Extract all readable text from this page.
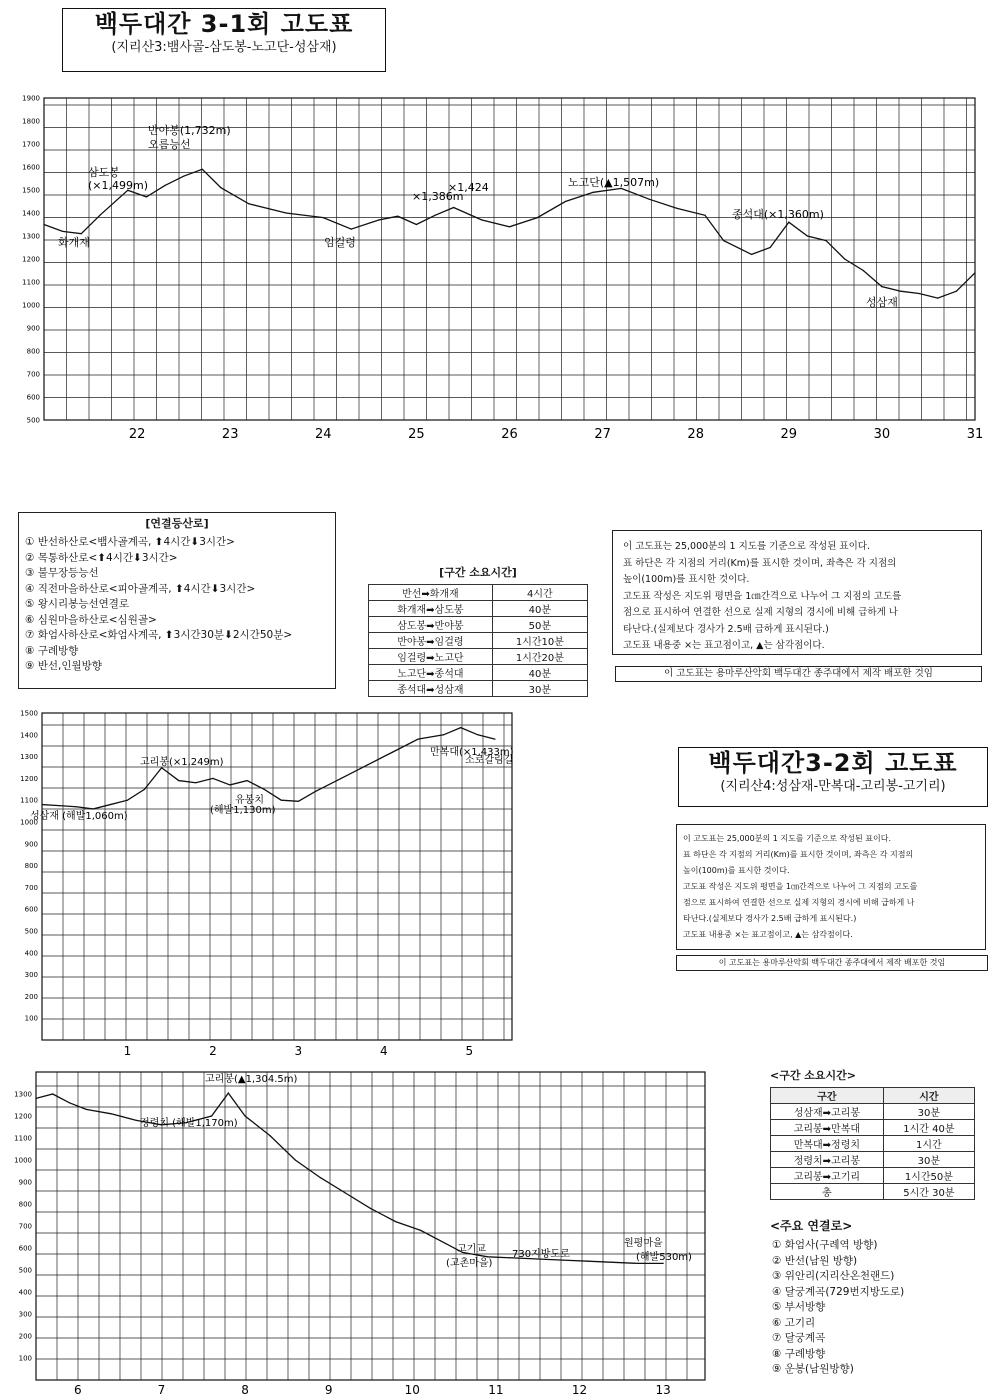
백두대간 3-1회 고도표
(지리산3:뱀사골-삼도봉-노고단-성삼재)
1900
1800
1700
1600
1500
1400
1300
1200
1100
1000
900
800
700
600
500
22	23	24	25	26	27	28	29	30	31
반야봉(1,732m)
오름능선
삼도봉
(×1,499m)
화개재	임걸령
×1,386m
×1,424	노고단(▲1,507m)
종석대(×1,360m)
성삼재
[연결등산로]
① 반선하산로<뱀사골계곡, ⬆4시간⬇3시간>
② 목통하산로<⬆4시간⬇3시간>
③ 불무장등능선
④ 직전마을하산로<피아골계곡, ⬆4시간⬇3시간>
⑤ 왕시리봉능선연결로
⑥ 심원마을하산로<심원골>
⑦ 화엄사하산로<화엄사계곡, ⬆3시간30분⬇2시간50분>
⑧ 구례방향
⑨ 반선,인월방향
[구간 소요시간]
반선➡화개재	4시간
화개재➡삼도봉	40분
삼도봉➡반야봉	50분
반야봉➡임걸령	1시간10분
임걸령➡노고단	1시간20분
노고단➡종석대	40분
종석대➡성삼재	30분

이 고도표는 25,000분의 1 지도를 기준으로 작성된 표이다.

표 하단은 각 지점의 거리(Km)를 표시한 것이며, 좌측은 각 지점의

높이(100m)를 표시한 것이다.

고도표 작성은 지도위 평면을 1㎝간격으로 나누어 그 지점의 고도를

점으로 표시하여 연결한 선으로 실제 지형의 경시에 비해 급하게 나

타난다.(실제보다 경사가 2.5배 급하게 표시된다.)

고도표 내용중 ×는 표고점이고, ▲는 삼각점이다.

이 고도표는 용마루산악회 백두대간 종주대에서 제작 배포한 것임
1500
1400
1300
1200
1100
1000
900
800
700
600
500
400
300
200
100
1	2	3	4	5
성삼재 (해발1,060m)
고리봉(×1,249m)
유봉치
(해발1,130m)
만복대(×1,433m)
소로갈림길	백두대간3-2회 고도표
(지리산4:성삼재-만복대-고리봉-고기리)

이 고도표는 25,000분의 1 지도를 기준으로 작성된 표이다.

표 하단은 각 지점의 거리(Km)를 표시한 것이며, 좌측은 각 지점의

높이(100m)를 표시한 것이다.

고도표 작성은 지도위 평면을 1㎝간격으로 나누어 그 지점의 고도를

점으로 표시하여 연결한 선으로 실제 지형의 경시에 비해 급하게 나

타난다.(실제보다 경사가 2.5배 급하게 표시된다.)

고도표 내용중 ×는 표고점이고, ▲는 삼각점이다.

이 고도표는 용마루산악회 백두대간 종주대에서 제작 배포한 것임
1300
1200
1100
1000
900
800
700
600
500
400
300
200
100
6	7	8	9	10	11	12	13
고리봉(▲1,304.5m)
정령치 (해발1,170m)
고기교
(고촌마을)
730지방도로
원평마을
(해발530m)
<구간 소요시간>
구간	시간
성삼재➡고리봉	30분
고리봉➡만복대	1시간 40분
만복대➡정령치	1시간
정령치➡고리봉	30분
고리봉➡고기리	1시간50분
총	5시간 30분
<주요 연결로>
① 화엄사(구례역 방향)
② 반선(남원 방향)
③ 위안리(지리산온천랜드)
④ 달궁계곡(729번지방도로)
⑤ 부서방향
⑥ 고기리
⑦ 달궁계곡
⑧ 구례방향
⑨ 운봉(남원방향)
